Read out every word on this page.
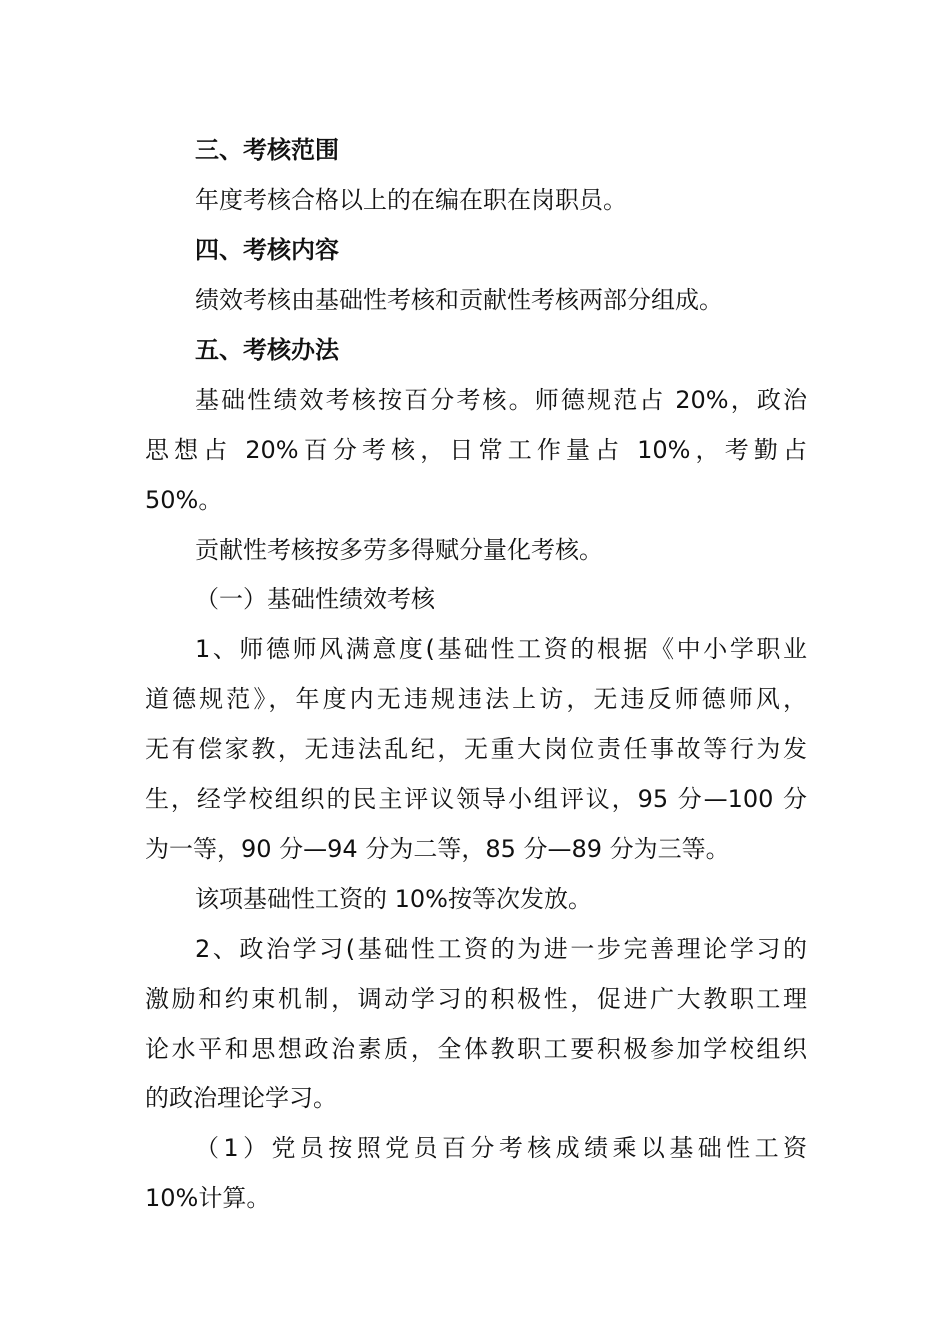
三、考核范围
年度考核合格以上的在编在职在岗职员。
四、考核内容
绩效考核由基础性考核和贡献性考核两部分组成。
五、考核办法
基础性绩效考核按百分考核。师德规范占 20%，政治
思想占 20%百分考核，日常工作量占 10%，考勤占
50%。
贡献性考核按多劳多得赋分量化考核。
（一）基础性绩效考核
1、师德师风满意度(基础性工资的根据《中小学职业
道德规范》，年度内无违规违法上访，无违反师德师风，
无有偿家教，无违法乱纪，无重大岗位责任事故等行为发
生，经学校组织的民主评议领导小组评议，95 分—100 分
为一等，90 分—94 分为二等，85 分—89 分为三等。
该项基础性工资的 10%按等次发放。
2、政治学习(基础性工资的为进一步完善理论学习的
激励和约束机制，调动学习的积极性，促进广大教职工理
论水平和思想政治素质，全体教职工要积极参加学校组织
的政治理论学习。
（1）党员按照党员百分考核成绩乘以基础性工资
10%计算。
